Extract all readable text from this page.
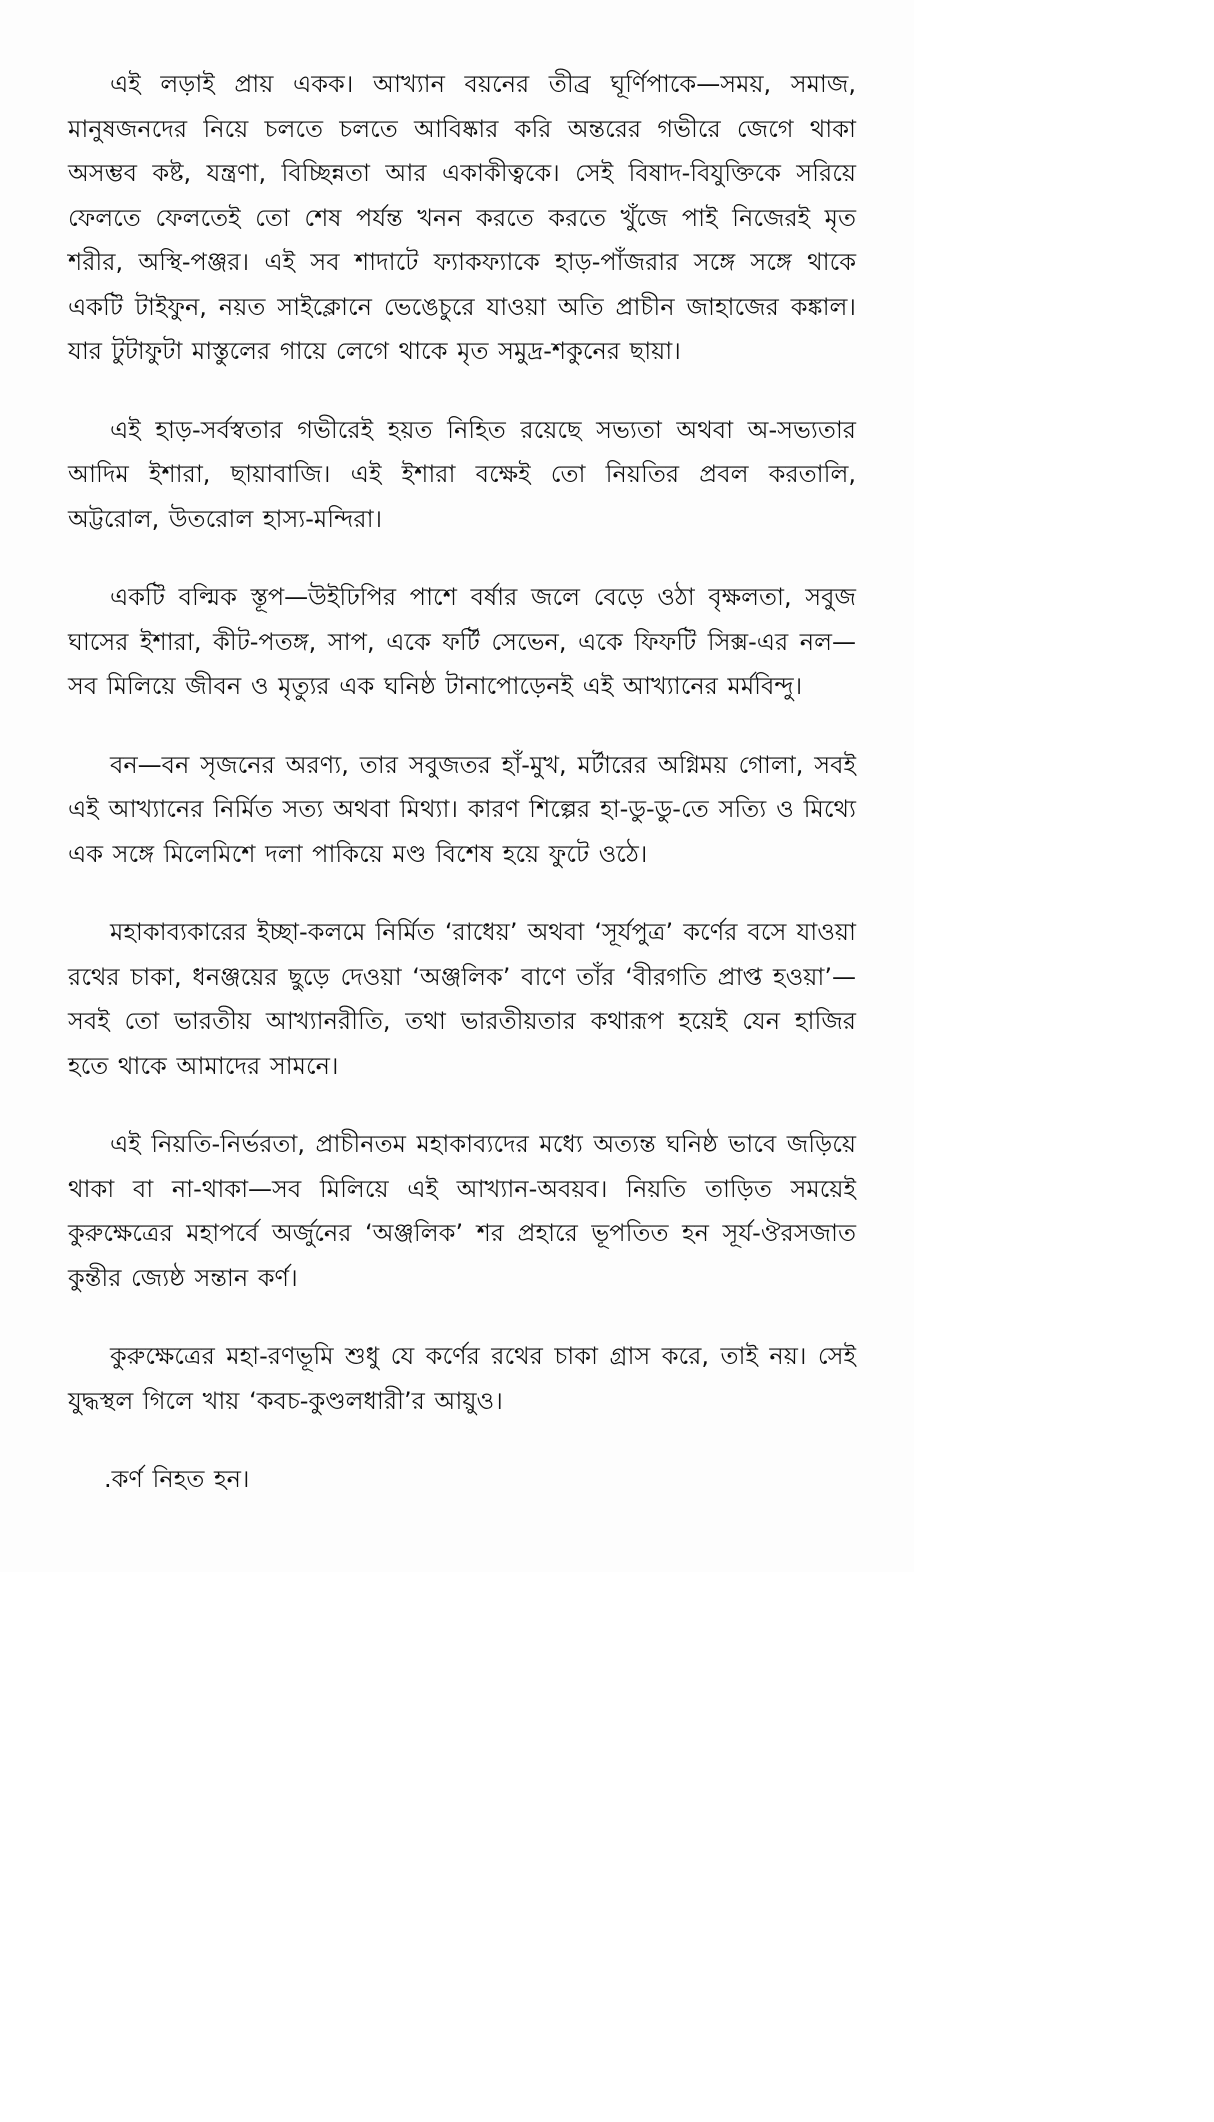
এই লড়াই প্রায় একক। আখ্যান বয়নের তীব্র ঘূর্ণিপাকে—সময়, সমাজ, মানুষজনদের নিয়ে চলতে চলতে আবিষ্কার করি অন্তরের গভীরে জেগে থাকা অসম্ভব কষ্ট, যন্ত্রণা, বিচ্ছিন্নতা আর একাকীত্বকে। সেই বিষাদ-বিযুক্তিকে সরিয়ে ফেলতে ফেলতেই তো শেষ পর্যন্ত খনন করতে করতে খুঁজে পাই নিজেরই মৃত শরীর, অস্থি-পঞ্জর। এই সব শাদাটে ফ্যাকফ্যাকে হাড়-পাঁজরার সঙ্গে সঙ্গে থাকে একটি টাইফুন, নয়ত সাইক্লোনে ভেঙেচুরে যাওয়া অতি প্রাচীন জাহাজের কঙ্কাল। যার টুটাফুটা মাস্তুলের গায়ে লেগে থাকে মৃত সমুদ্র-শকুনের ছায়া।

এই হাড়-সর্বস্বতার গভীরেই হয়ত নিহিত রয়েছে সভ্যতা অথবা অ-সভ্যতার আদিম ইশারা, ছায়াবাজি। এই ইশারা বক্ষেই তো নিয়তির প্রবল করতালি, অট্টরোল, উতরোল হাস্য-মন্দিরা।

একটি বল্মিক স্তূপ—উইঢিপির পাশে বর্ষার জলে বেড়ে ওঠা বৃক্ষলতা, সবুজ ঘাসের ইশারা, কীট-পতঙ্গ, সাপ, একে ফর্টি সেভেন, একে ফিফটি সিক্স-এর নল—সব মিলিয়ে জীবন ও মৃত্যুর এক ঘনিষ্ঠ টানাপোড়েনই এই আখ্যানের মর্মবিন্দু।

বন—বন সৃজনের অরণ্য, তার সবুজতর হাঁ-মুখ, মর্টারের অগ্নিময় গোলা, সবই এই আখ্যানের নির্মিত সত্য অথবা মিথ্যা। কারণ শিল্পের হা-ডু-ডু-তে সত্যি ও মিথ্যে এক সঙ্গে মিলেমিশে দলা পাকিয়ে মণ্ড বিশেষ হয়ে ফুটে ওঠে।

মহাকাব্যকারের ইচ্ছা-কলমে নির্মিত ‘রাধেয়’ অথবা ‘সূর্যপুত্র’ কর্ণের বসে যাওয়া রথের চাকা, ধনঞ্জয়ের ছুড়ে দেওয়া ‘অঞ্জলিক’ বাণে তাঁর ‘বীরগতি প্রাপ্ত হওয়া’—সবই তো ভারতীয় আখ্যানরীতি, তথা ভারতীয়তার কথারূপ হয়েই যেন হাজির হতে থাকে আমাদের সামনে।

এই নিয়তি-নির্ভরতা, প্রাচীনতম মহাকাব্যদের মধ্যে অত্যন্ত ঘনিষ্ঠ ভাবে জড়িয়ে থাকা বা না-থাকা—সব মিলিয়ে এই আখ্যান-অবয়ব। নিয়তি তাড়িত সময়েই কুরুক্ষেত্রের মহাপর্বে অর্জুনের ‘অঞ্জলিক’ শর প্রহারে ভূপতিত হন সূর্য-ঔরসজাত কুন্তীর জ্যেষ্ঠ সন্তান কর্ণ।

কুরুক্ষেত্রের মহা-রণভূমি শুধু যে কর্ণের রথের চাকা গ্রাস করে, তাই নয়। সেই যুদ্ধস্থল গিলে খায় ‘কবচ-কুণ্ডলধারী’র আয়ুও।

.কর্ণ নিহত হন।
